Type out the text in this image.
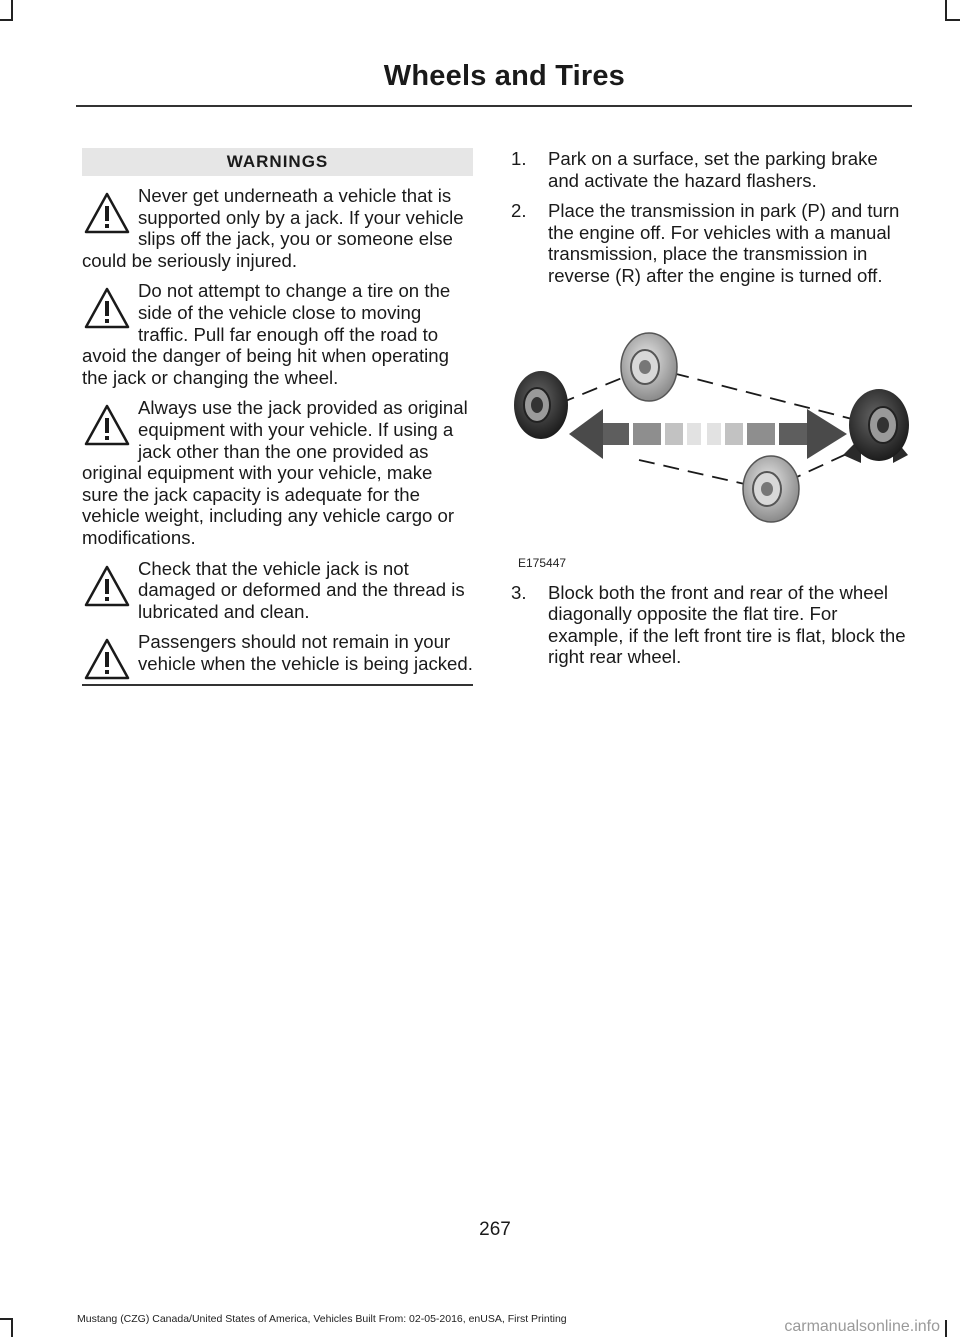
Wheels and Tires
WARNINGS
Never get underneath a vehicle that is supported only by a jack. If your vehicle slips off the jack, you or someone else could be seriously injured.
Do not attempt to change a tire on the side of the vehicle close to moving traffic. Pull far enough off the road to avoid the danger of being hit when operating the jack or changing the wheel.
Always use the jack provided as original equipment with your vehicle. If using a jack other than the one provided as original equipment with your vehicle, make sure the jack capacity is adequate for the vehicle weight, including any vehicle cargo or modifications.
Check that the vehicle jack is not damaged or deformed and the thread is lubricated and clean.
Passengers should not remain in your vehicle when the vehicle is being jacked.
1. Park on a surface, set the parking brake and activate the hazard flashers.
2. Place the transmission in park (P) and turn the engine off. For vehicles with a manual transmission, place the transmission in reverse (R) after the engine is turned off.
E175447
3. Block both the front and rear of the wheel diagonally opposite the flat tire. For example, if the left front tire is flat, block the right rear wheel.
267
Mustang (CZG) Canada/United States of America, Vehicles Built From: 02-05-2016, enUSA, First Printing	carmanualsonline.info
